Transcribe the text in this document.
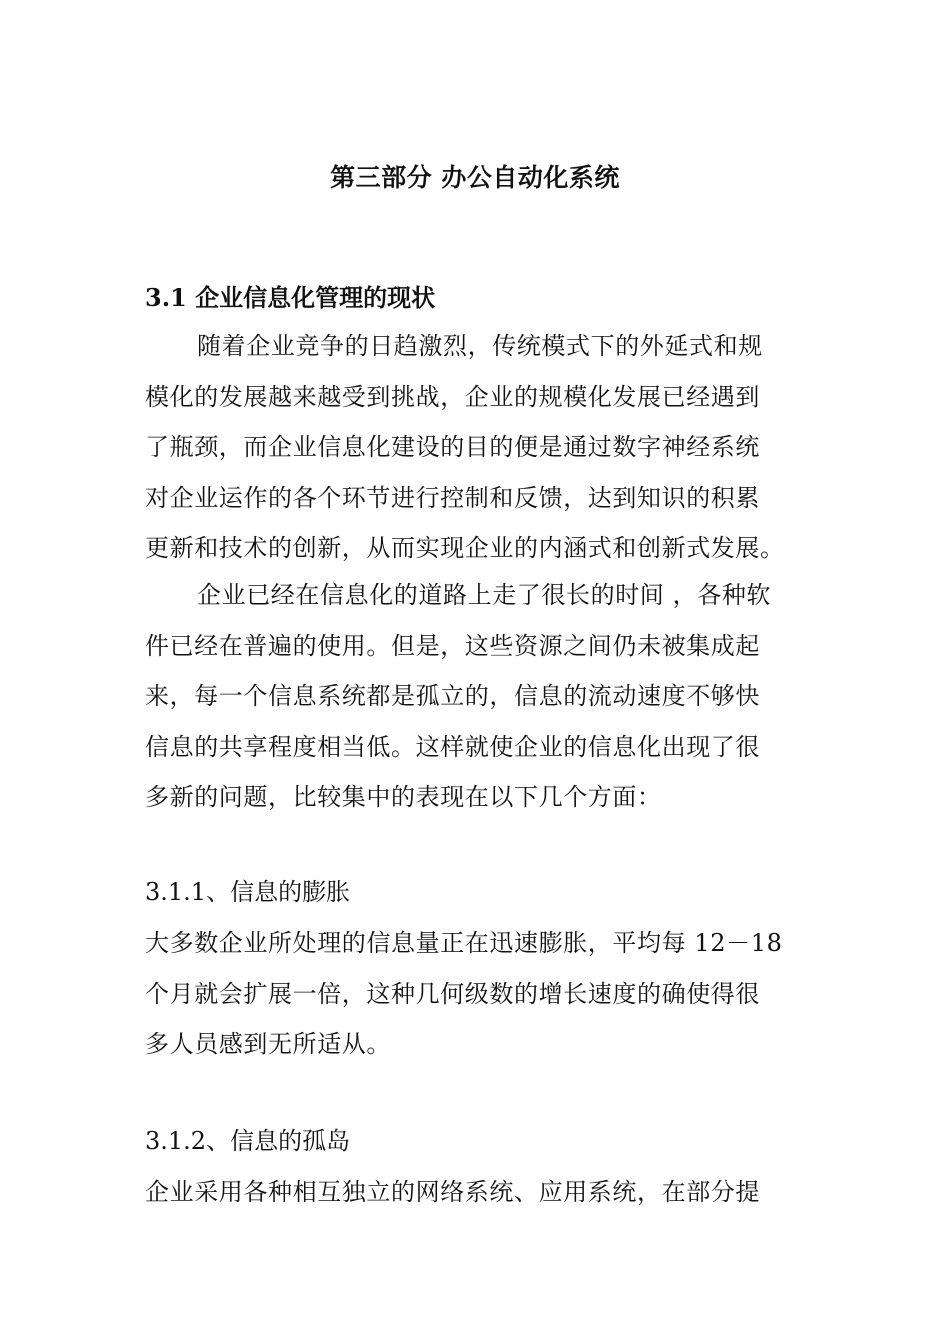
第三部分 办公自动化系统
3.1 企业信息化管理的现状
随着企业竞争的日趋激烈，传统模式下的外延式和规
模化的发展越来越受到挑战，企业的规模化发展已经遇到
了瓶颈，而企业信息化建设的目的便是通过数字神经系统
对企业运作的各个环节进行控制和反馈，达到知识的积累
更新和技术的创新，从而实现企业的内涵式和创新式发展。
企业已经在信息化的道路上走了很长的时间 ，各种软
件已经在普遍的使用。但是，这些资源之间仍未被集成起
来，每一个信息系统都是孤立的，信息的流动速度不够快
信息的共享程度相当低。这样就使企业的信息化出现了很
多新的问题，比较集中的表现在以下几个方面：
3.1.1、信息的膨胀
大多数企业所处理的信息量正在迅速膨胀，平均每 12－18
个月就会扩展一倍，这种几何级数的增长速度的确使得很
多人员感到无所适从。
3.1.2、信息的孤岛
企业采用各种相互独立的网络系统、应用系统，在部分提
